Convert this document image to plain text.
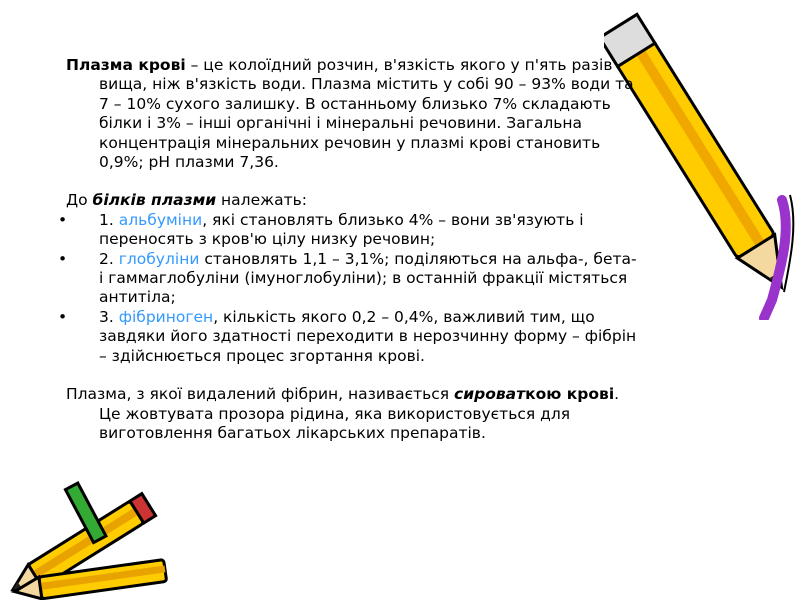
Плазма крові – це колоїдний розчин, в'язкість якого у п'ять разів
вища, ніж в'язкість води. Плазма містить у собі 90 – 93% води та
7 – 10% сухого залишку. В останньому близько 7% складають
білки і 3% – інші органічні і мінеральні речовини. Загальна
концентрація мінеральних речовин у плазмі крові становить
0,9%; рН плазми 7,36.

До білків плазми належать:

• 1. альбуміни, які становлять близько 4% – вони зв'язують і
переносять з кров'ю цілу низку речовин;
• 2. глобуліни становлять 1,1 – 3,1%; поділяються на альфа-, бета-
і гаммаглобуліни (імуноглобуліни); в останній фракції містяться
антитіла;
• 3. фібриноген, кількість якого 0,2 – 0,4%, важливий тим, що
завдяки його здатності переходити в нерозчинну форму – фібрін
– здійснюється процес згортання крові.

Плазма, з якої видалений фібрин, називається сироваткою крові.
Це жовтувата прозора рідина, яка використовується для
виготовлення багатьох лікарських препаратів.
